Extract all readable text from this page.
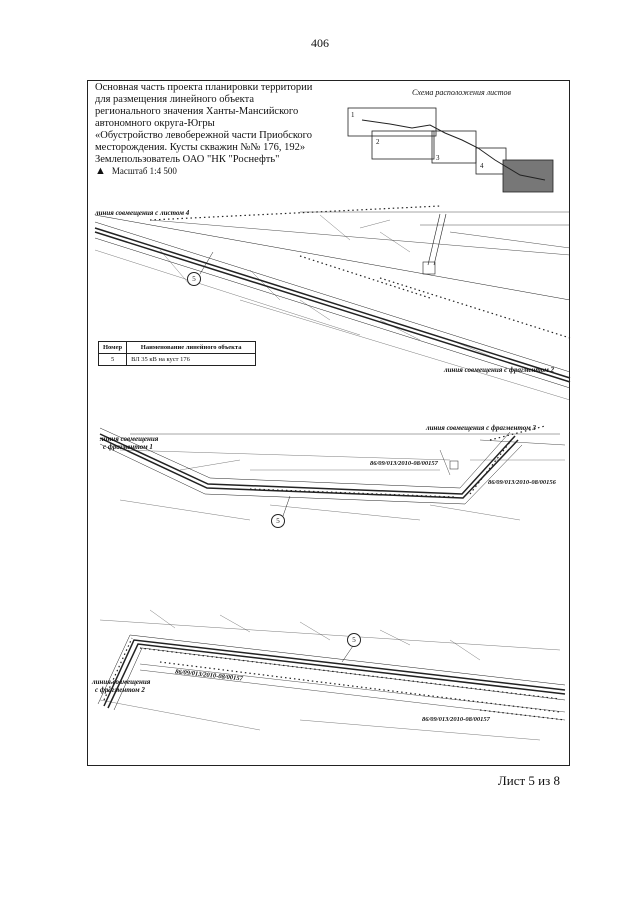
406
Основная часть проекта планировки территории
для размещения линейного объекта
регионального значения Ханты-Мансийского
автономного округа-Югры
«Обустройство левобережной части Приобского
месторождения. Кусты скважин №№ 176, 192»
Землепользователь ОАО "НК "Роснефть"
▲ Масштаб 1:4 500
Схема расположения листов
1
2
3
4
линия совмещения с листом 4
линия совмещения с фрагментом 2
линия совмещения
с фрагментом 1
линия совмещения с фрагментом 3
линия совмещения
с фрагментом 2
86/09/013/2010-08/00157
86/09/013/2010-08/00156
86/09/013/2010-08/00157
86/09/013/2010-08/00157
5
5
5
Номер	Наименование линейного объекта
5	ВЛ 35 кВ на куст 176
Лист 5 из 8
